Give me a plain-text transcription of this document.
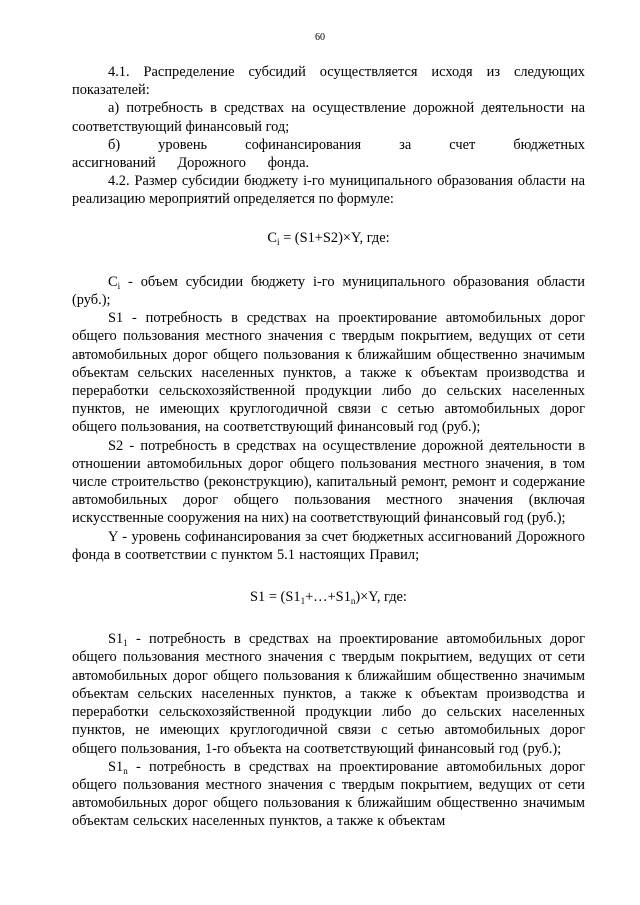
60

4.1. Распределение субсидий осуществляется исходя из следующих показателей:

а) потребность в средствах на осуществление дорожной деятельности на соответствующий финансовый год;

б) уровень софинансирования за счет бюджетных ассигнований Дорожного фонда.

4.2. Размер субсидии бюджету i-го муниципального образования области на реализацию мероприятий определяется по формуле:

$C_i = (S1+S2)\times Y$, где:

$C_i$ - объем субсидии бюджету i-го муниципального образования области (руб.);

S1 - потребность в средствах на проектирование автомобильных дорог общего пользования местного значения с твердым покрытием, ведущих от сети автомобильных дорог общего пользования к ближайшим общественно значимым объектам сельских населенных пунктов, а также к объектам производства и переработки сельскохозяйственной продукции либо до сельских населенных пунктов, не имеющих круглогодичной связи с сетью автомобильных дорог общего пользования, на соответствующий финансовый год (руб.);

S2 - потребность в средствах на осуществление дорожной деятельности в отношении автомобильных дорог общего пользования местного значения, в том числе строительство (реконструкцию), капитальный ремонт, ремонт и содержание автомобильных дорог общего пользования местного значения (включая искусственные сооружения на них) на соответствующий финансовый год (руб.);

Y - уровень софинансирования за счет бюджетных ассигнований Дорожного фонда в соответствии с пунктом 5.1 настоящих Правил;

$S1 = (S1_1+\dots+S1_n)\times Y$, где:

$S1_1$ - потребность в средствах на проектирование автомобильных дорог общего пользования местного значения с твердым покрытием, ведущих от сети автомобильных дорог общего пользования к ближайшим общественно значимым объектам сельских населенных пунктов, а также к объектам производства и переработки сельскохозяйственной продукции либо до сельских населенных пунктов, не имеющих круглогодичной связи с сетью автомобильных дорог общего пользования, 1-го объекта на соответствующий финансовый год (руб.);

$S1_n$ - потребность в средствах на проектирование автомобильных дорог общего пользования местного значения с твердым покрытием, ведущих от сети автомобильных дорог общего пользования к ближайшим общественно значимым объектам сельских населенных пунктов, а также к объектам
